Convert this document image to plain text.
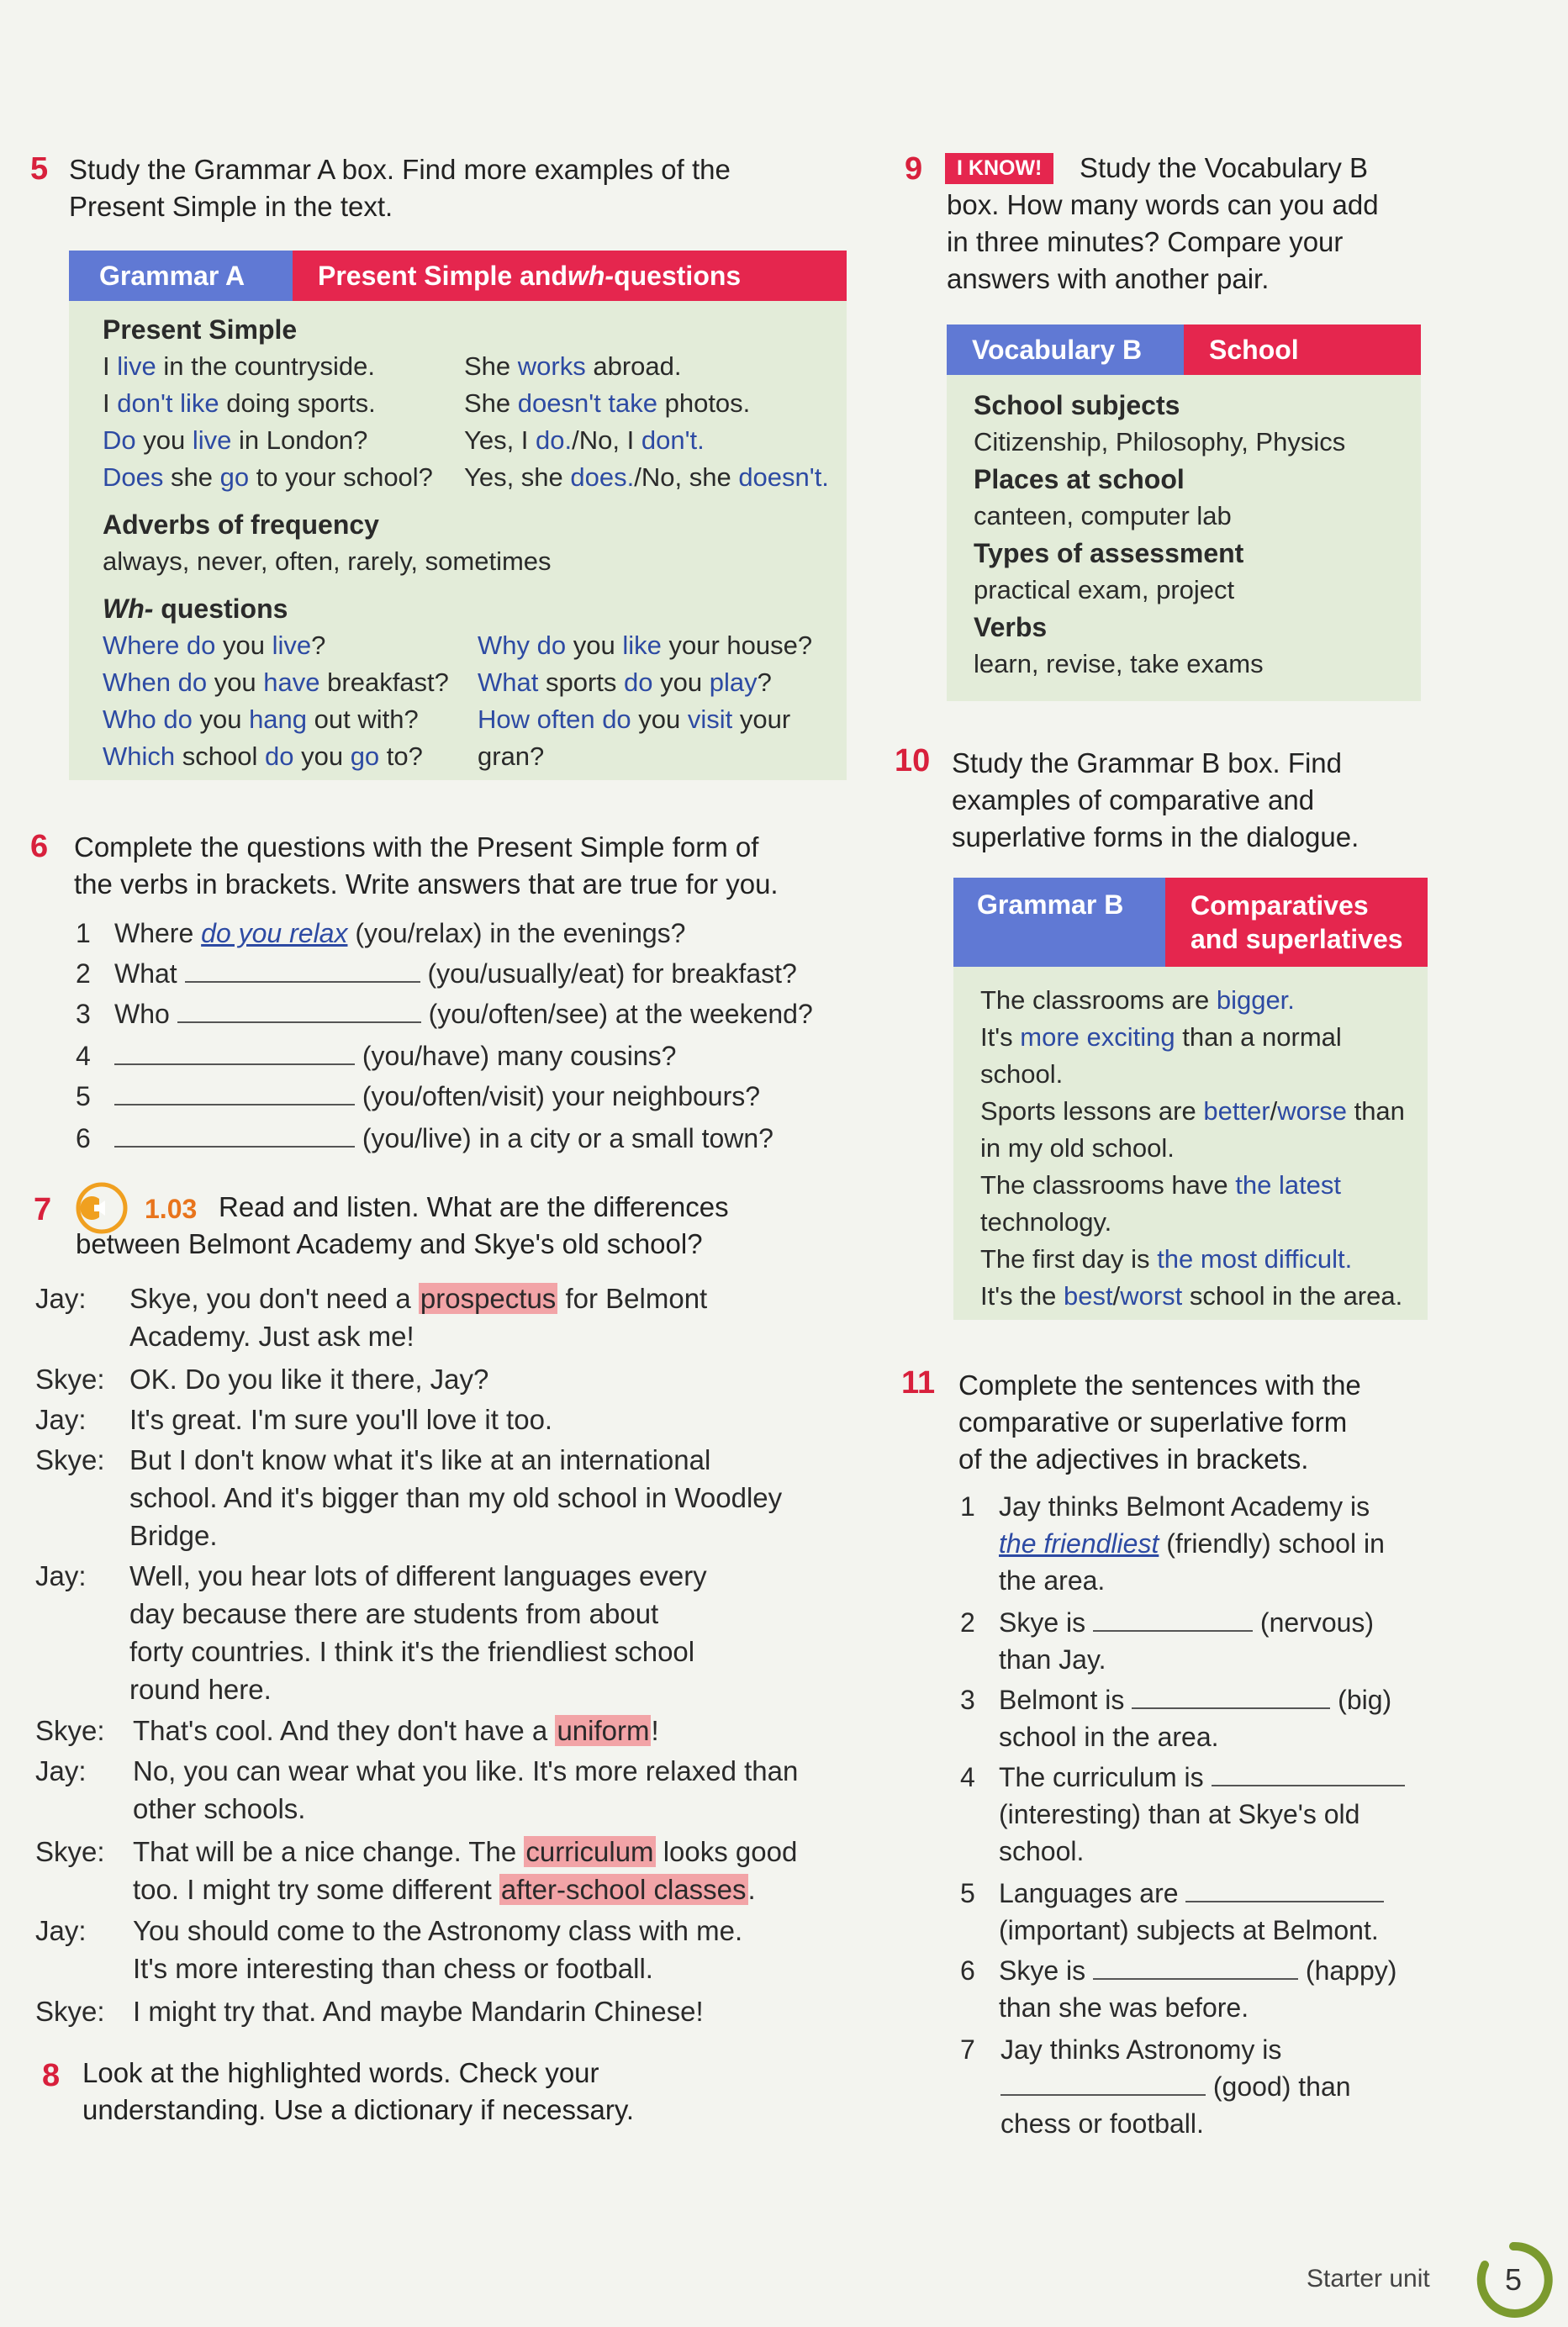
5 Study the Grammar A box. Find more examples of the
Present Simple in the text.
Grammar A	Present Simple and wh- questions
Present Simple
I live in the countryside.	She works abroad.
I don't like doing sports.	She doesn't take photos.
Do you live in London?	Yes, I do./No, I don't.
Does she go to your school? Yes, she does./No, she doesn't.
Adverbs of frequency
always, never, often, rarely, sometimes
Wh- questions
Where do you live?	Why do you like your house?
When do you have breakfast? What sports do you play?
Who do you hang out with? How often do you visit your
Which school do you go to? gran?
6 Complete the questions with the Present Simple form of
the verbs in brackets. Write answers that are true for you.
1 Where do you relax (you/relax) in the evenings?
2 What	(you/usually/eat) for breakfast?
3 Who	(you/often/see) at the weekend?
4	(you/have) many cousins?
5	(you/often/visit) your neighbours?
6	(you/live) in a city or a small town?
7	1.03 Read and listen. What are the differences
between Belmont Academy and Skye's old school?
Jay: Skye, you don't need a prospectus for Belmont
Academy. Just ask me!
Skye: OK. Do you like it there, Jay?
Jay: It's great. I'm sure you'll love it too.
Skye: But I don't know what it's like at an international
school. And it's bigger than my old school in Woodley
Bridge.
Jay: Well, you hear lots of different languages every
day because there are students from about
forty countries. I think it's the friendliest school
round here.
Skye: That's cool. And they don't have a uniform!
Jay: No, you can wear what you like. It's more relaxed than
other schools.
Skye: That will be a nice change. The curriculum looks good
too. I might try some different after-school classes.
Jay: You should come to the Astronomy class with me.
It's more interesting than chess or football.
Skye: I might try that. And maybe Mandarin Chinese!
8 Look at the highlighted words. Check your
understanding. Use a dictionary if necessary.
9	I KNOW!	Study the Vocabulary B
box. How many words can you add
in three minutes? Compare your
answers with another pair.
Vocabulary B	School
School subjects
Citizenship, Philosophy, Physics
Places at school
canteen, computer lab
Types of assessment
practical exam, project
Verbs
learn, revise, take exams
10 Study the Grammar B box. Find
examples of comparative and
superlative forms in the dialogue.
Grammar B	Comparatives
and superlatives
The classrooms are bigger.
It's more exciting than a normal
school.
Sports lessons are better/worse than
in my old school.
The classrooms have the latest
technology.
The first day is the most difficult.
It's the best/worst school in the area.
11 Complete the sentences with the
comparative or superlative form
of the adjectives in brackets.
1 Jay thinks Belmont Academy is
the friendliest (friendly) school in
the area.
2 Skye is	(nervous)
than Jay.
3 Belmont is	(big)
school in the area.
4 The curriculum is
(interesting) than at Skye's old
school.
5 Languages are
(important) subjects at Belmont.
6 Skye is	(happy)
than she was before.
7 Jay thinks Astronomy is
(good) than
chess or football.
Starter unit	5
